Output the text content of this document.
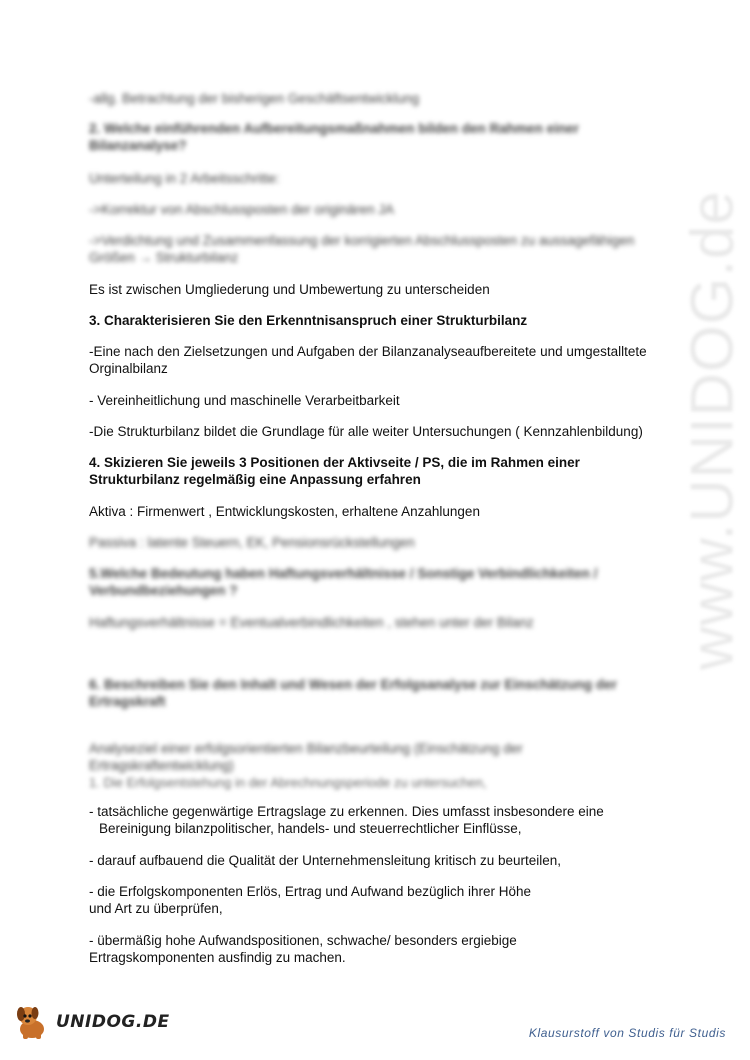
www.UNIDOG.de

-allg. Betrachtung der bisherigen Geschäftsentwicklung

2. Welche einführenden Aufbereitungsmaßnahmen bilden den Rahmen einer Bilanzanalyse?

Unterteilung in 2 Arbeitsschritte:

->Korrektur von Abschlussposten der originären JA

->Verdichtung und Zusammenfassung der korrigierten Abschlussposten zu aussagefähigen Größen → Strukturbilanz

Es ist zwischen Umgliederung und Umbewertung zu unterscheiden

3. Charakterisieren Sie den Erkenntnisanspruch einer Strukturbilanz

-Eine nach den Zielsetzungen und Aufgaben der Bilanzanalyseaufbereitete und umgestalltete Orginalbilanz

- Vereinheitlichung und maschinelle Verarbeitbarkeit

-Die Strukturbilanz bildet die Grundlage für alle weiter Untersuchungen ( Kennzahlenbildung)

4. Skizieren Sie jeweils 3 Positionen der Aktivseite / PS, die im Rahmen einer Strukturbilanz regelmäßig eine Anpassung erfahren

Aktiva : Firmenwert , Entwicklungskosten, erhaltene Anzahlungen

Passiva : latente Steuern, EK, Pensionsrückstellungen

5.Welche Bedeutung haben Haftungsverhältnisse / Sonstige Verbindlichkeiten / Verbundbeziehungen ?

Haftungsverhältnisse = Eventualverbindlichkeiten , stehen unter der Bilanz

6. Beschreiben Sie den Inhalt und Wesen der Erfolgsanalyse zur Einschätzung der Ertragskraft

Analyseziel einer erfolgsorientierten Bilanzbeurteilung (Einschätzung der Ertragskraftentwicklung)

1. Die Erfolgsentstehung in der Abrechnungsperiode zu untersuchen,

- tatsächliche gegenwärtige Ertragslage zu erkennen. Dies umfasst insbesondere eine

Bereinigung bilanzpolitischer, handels- und steuerrechtlicher Einflüsse,

- darauf aufbauend die Qualität der Unternehmensleitung kritisch zu beurteilen,

- die Erfolgskomponenten Erlös, Ertrag und Aufwand bezüglich ihrer Höhe und Art zu überprüfen,

- übermäßig hohe Aufwandspositionen, schwache/ besonders ergiebige Ertragskomponenten ausfindig zu machen.

UNIDOG.DE
Klausurstoff von Studis für Studis
